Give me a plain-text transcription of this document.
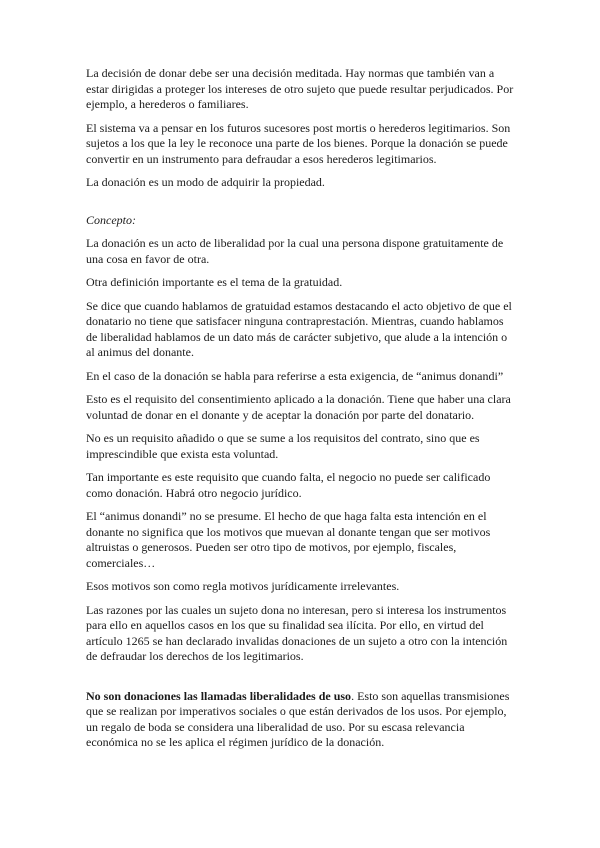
La decisión de donar debe ser una decisión meditada. Hay normas que también van a estar dirigidas a proteger los intereses de otro sujeto que puede resultar perjudicados. Por ejemplo, a herederos o familiares.

El sistema va a pensar en los futuros sucesores post mortis o herederos legitimarios. Son sujetos a los que la ley le reconoce una parte de los bienes. Porque la donación se puede convertir en un instrumento para defraudar a esos herederos legitimarios.

La donación es un modo de adquirir la propiedad.

Concepto:

La donación es un acto de liberalidad por la cual una persona dispone gratuitamente de una cosa en favor de otra.

Otra definición importante es el tema de la gratuidad.

Se dice que cuando hablamos de gratuidad estamos destacando el acto objetivo de que el donatario no tiene que satisfacer ninguna contraprestación. Mientras, cuando hablamos de liberalidad hablamos de un dato más de carácter subjetivo, que alude a la intención o al animus del donante.

En el caso de la donación se habla para referirse a esta exigencia, de “animus donandi”

Esto es el requisito del consentimiento aplicado a la donación. Tiene que haber una clara voluntad de donar en el donante y de aceptar la donación por parte del donatario.

No es un requisito añadido o que se sume a los requisitos del contrato, sino que es imprescindible que exista esta voluntad.

Tan importante es este requisito que cuando falta, el negocio no puede ser calificado como donación. Habrá otro negocio jurídico.

El “animus donandi” no se presume. El hecho de que haga falta esta intención en el donante no significa que los motivos que muevan al donante tengan que ser motivos altruistas o generosos. Pueden ser otro tipo de motivos, por ejemplo, fiscales, comerciales…

Esos motivos son como regla motivos jurídicamente irrelevantes.

Las razones por las cuales un sujeto dona no interesan, pero si interesa los instrumentos para ello en aquellos casos en los que su finalidad sea ilícita. Por ello, en virtud del artículo 1265 se han declarado invalidas donaciones de un sujeto a otro con la intención de defraudar los derechos de los legitimarios.

No son donaciones las llamadas liberalidades de uso. Esto son aquellas transmisiones que se realizan por imperativos sociales o que están derivados de los usos. Por ejemplo, un regalo de boda se considera una liberalidad de uso. Por su escasa relevancia económica no se les aplica el régimen jurídico de la donación.
